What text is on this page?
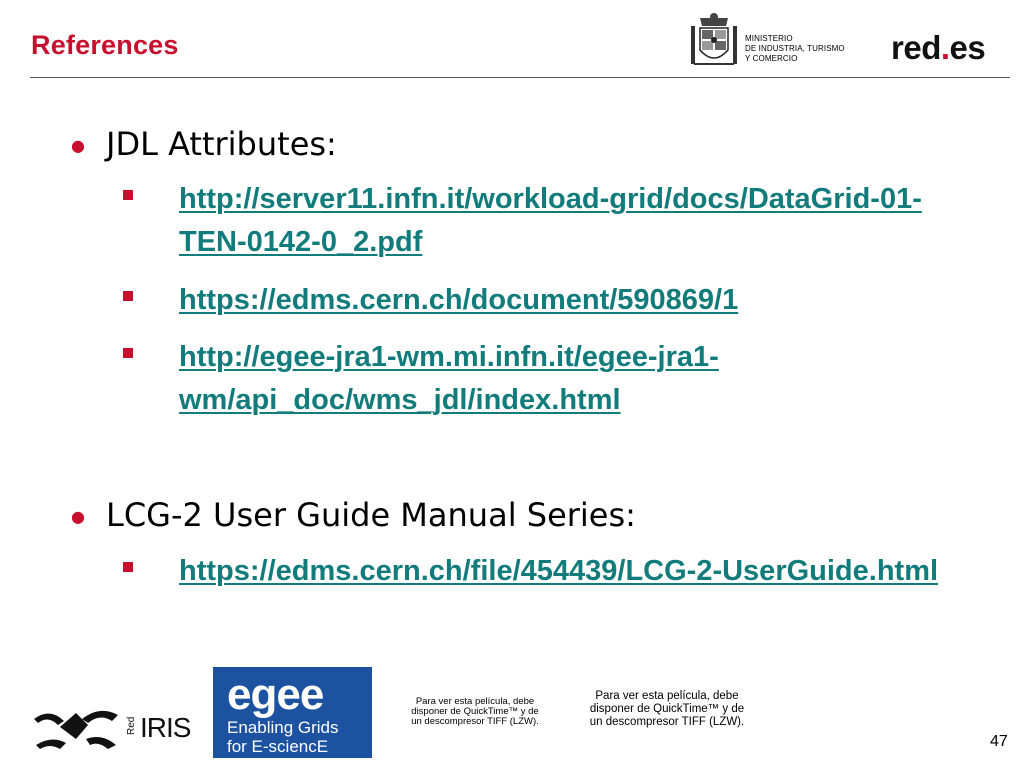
References	MINISTERIO
DE INDUSTRIA, TURISMO
Y COMERCIO	red.es
● JDL Attributes:
http://server11.infn.it/workload-grid/docs/DataGrid-01-TEN-0142-0_2.pdf
https://edms.cern.ch/document/590869/1
http://egee-jra1-wm.mi.infn.it/egee-jra1-wm/api_doc/wms_jdl/index.html
● LCG-2 User Guide Manual Series:
https://edms.cern.ch/file/454439/LCG-2-UserGuide.html
Red IRIS
egee
Enabling Grids
for E-sciencE
Para ver esta película, debe
disponer de QuickTime™ y de
un descompresor TIFF (LZW).
Para ver esta película, debe
disponer de QuickTime™ y de
un descompresor TIFF (LZW).
47
